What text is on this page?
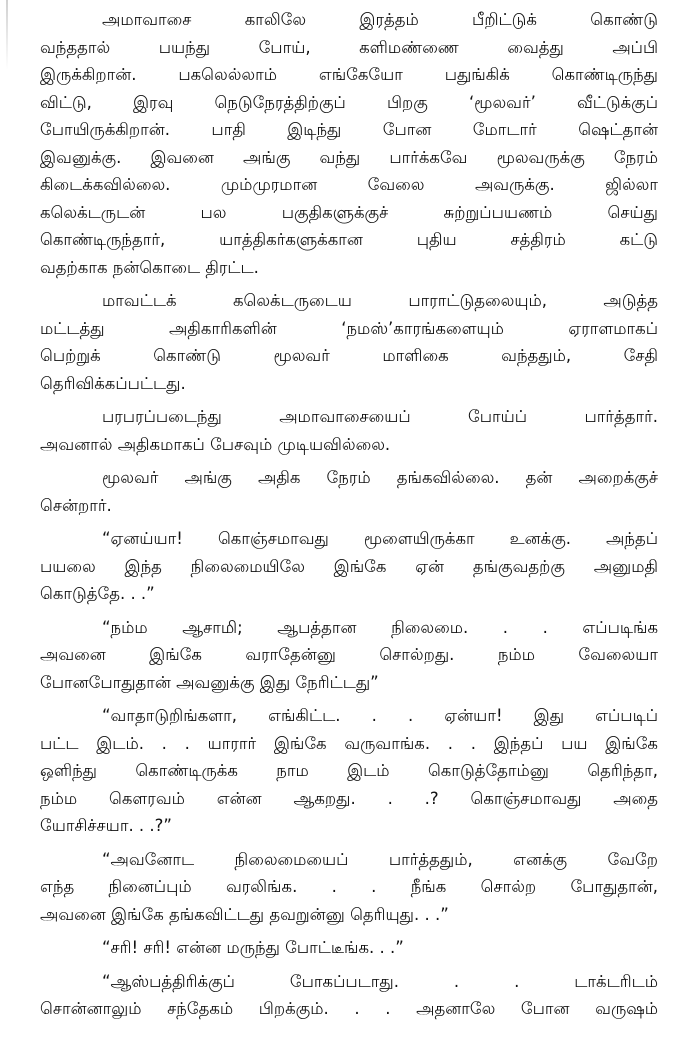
அமாவாசை காலிலே இரத்தம் பீறிட்டுக் கொண்டு
வந்ததால் பயந்து போய், களிமண்ணை வைத்து அப்பி
இருக்கிறான். பகலெல்லாம் எங்கேயோ பதுங்கிக் கொண்டிருந்து
விட்டு, இரவு நெடுநேரத்திற்குப் பிறகு ‘மூலவர்’ வீட்டுக்குப்
போயிருக்கிறான். பாதி இடிந்து போன மோடார் ஷெட்தான்
இவனுக்கு. இவனை அங்கு வந்து பார்க்கவே மூலவருக்கு நேரம்
கிடைக்கவில்லை. மும்முரமான வேலை அவருக்கு. ஜில்லா
கலெக்டருடன் பல பகுதிகளுக்குச் சுற்றுப்பயணம் செய்து
கொண்டிருந்தார், யாத்திகர்களுக்கான புதிய சத்திரம் கட்டு
வதற்காக நன்கொடை திரட்ட.

மாவட்டக் கலெக்டருடைய பாராட்டுதலையும், அடுத்த
மட்டத்து அதிகாரிகளின் ‘நமஸ்’காரங்களையும் ஏராளமாகப்
பெற்றுக் கொண்டு மூலவர் மாளிகை வந்ததும், சேதி
தெரிவிக்கப்பட்டது.

பரபரப்படைந்து அமாவாசையைப் போய்ப் பார்த்தார்.
அவனால் அதிகமாகப் பேசவும் முடியவில்லை.

மூலவர் அங்கு அதிக நேரம் தங்கவில்லை. தன் அறைக்குச்
சென்றார்.

“ஏனய்யா! கொஞ்சமாவது மூளையிருக்கா உனக்கு. அந்தப்
பயலை இந்த நிலைமையிலே இங்கே ஏன் தங்குவதற்கு அனுமதி
கொடுத்தே. . .”

“நம்ம ஆசாமி; ஆபத்தான நிலைமை. . . எப்படிங்க
அவனை இங்கே வராதேன்னு சொல்றது. நம்ம வேலையா
போனபோதுதான் அவனுக்கு இது நேரிட்டது”

“வாதாடுறிங்களா, எங்கிட்ட. . . ஏன்யா! இது எப்படிப்
பட்ட இடம். . . யாரார் இங்கே வருவாங்க. . . இந்தப் பய இங்கே
ஒளிந்து கொண்டிருக்க நாம இடம் கொடுத்தோம்னு தெரிந்தா,
நம்ம கௌரவம் என்ன ஆகறது. . .? கொஞ்சமாவது அதை
யோசிச்சயா. . .?”

“அவனோட நிலைமையைப் பார்த்ததும், எனக்கு வேறே
எந்த நினைப்பும் வரலிங்க. . . நீங்க சொல்ற போதுதான்,
அவனை இங்கே தங்கவிட்டது தவறுன்னு தெரியுது. . .”

“சரி! சரி! என்ன மருந்து போட்டீங்க. . .”

“ஆஸ்பத்திரிக்குப் போகப்படாது. . . டாக்டரிடம்
சொன்னாலும் சந்தேகம் பிறக்கும். . . அதனாலே போன வருஷம்
